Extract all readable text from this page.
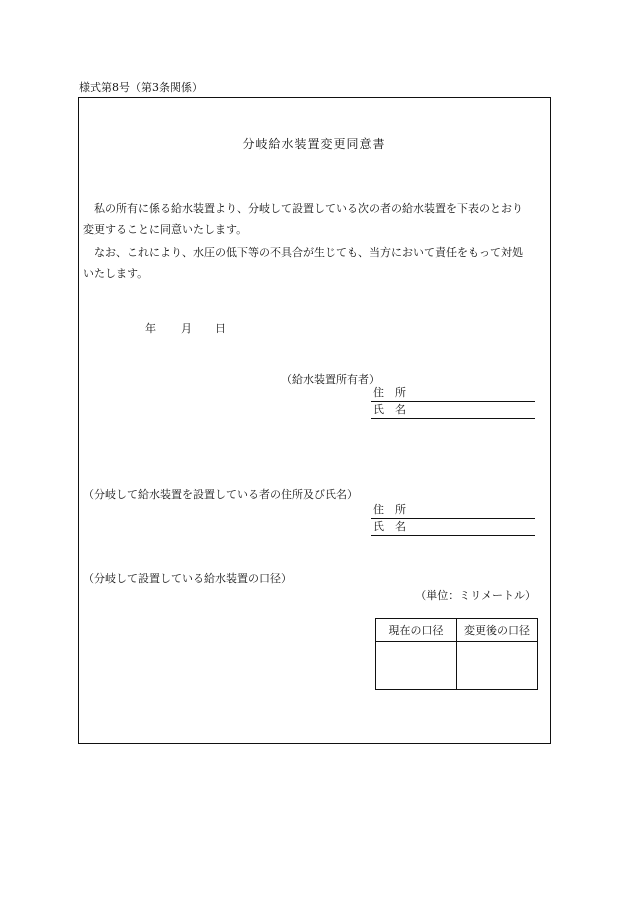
様式第8号（第3条関係）
分岐給水装置変更同意書
　私の所有に係る給水装置より、分岐して設置している次の者の給水装置を下表のとおり
変更することに同意いたします。
　なお、これにより、水圧の低下等の不具合が生じても、当方において責任をもって対処
いたします。
年 月 日
（給水装置所有者）
住　所
氏　名
（分岐して給水装置を設置している者の住所及び氏名）
住　所
氏　名
（分岐して設置している給水装置の口径）
（単位：ミリメートル）
現在の口径	変更後の口径
